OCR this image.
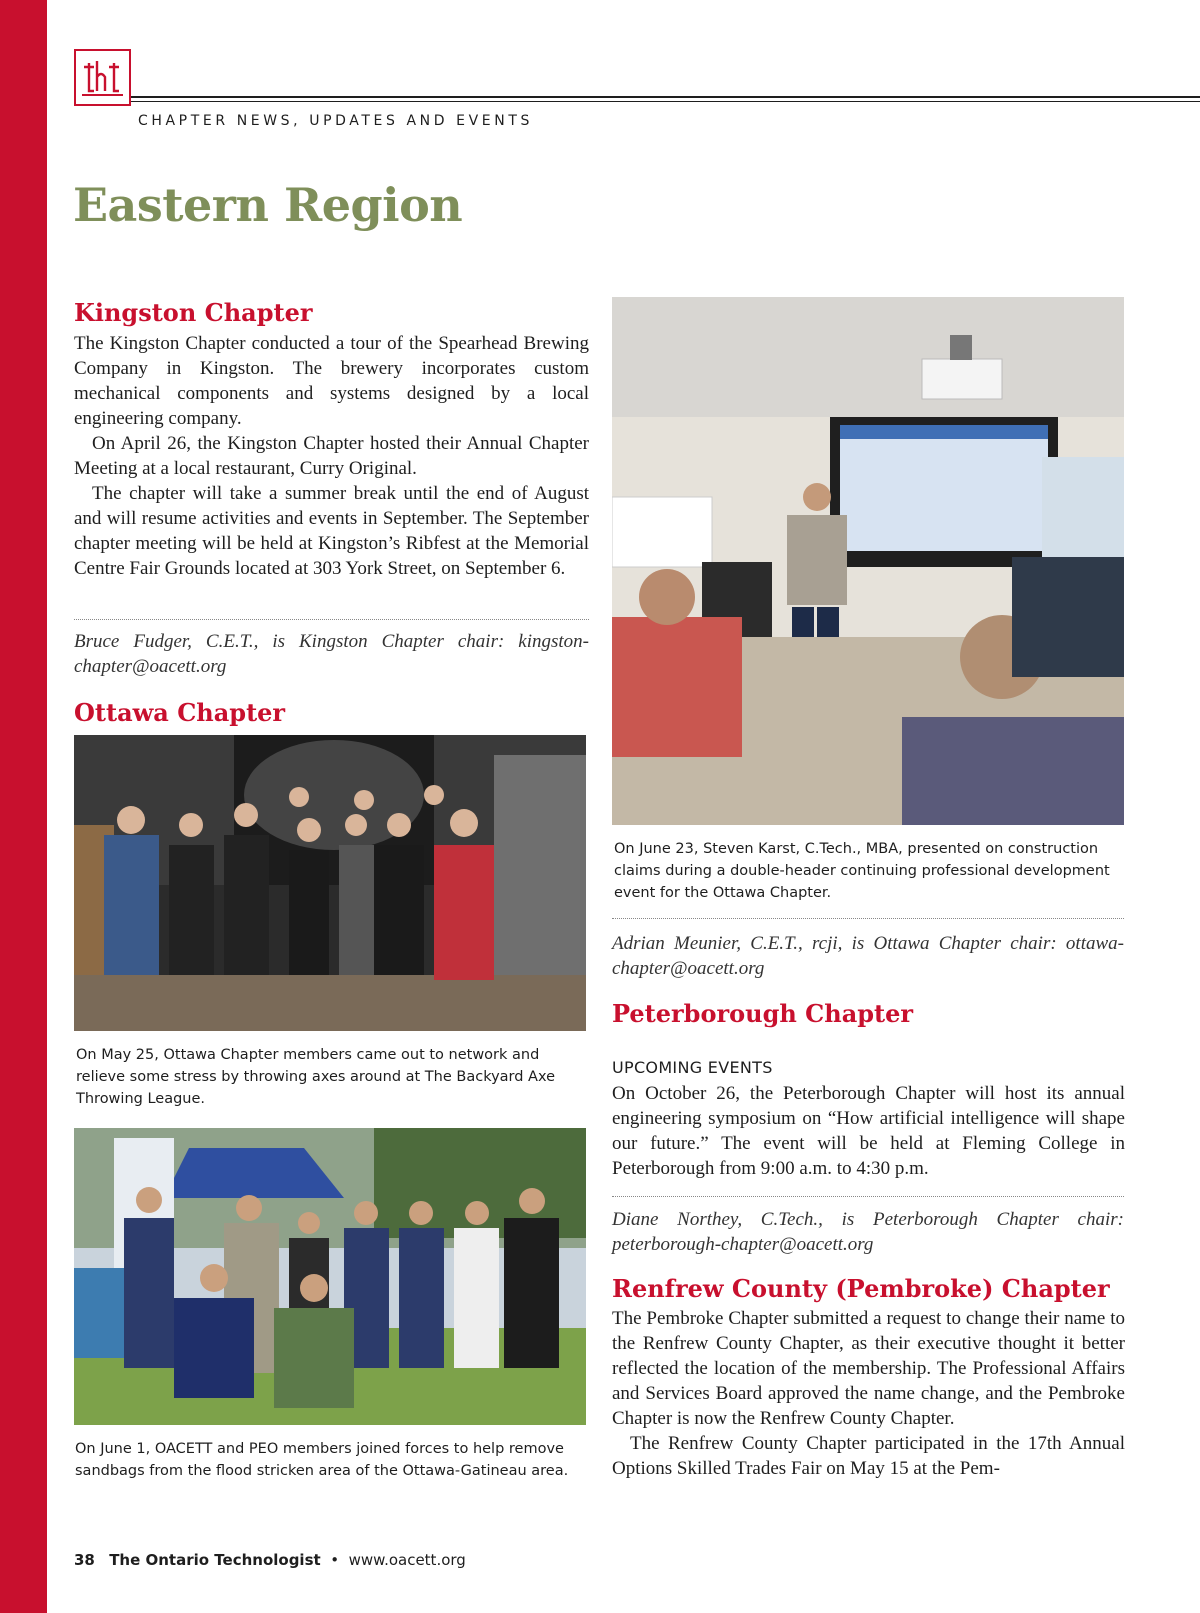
CHAPTER NEWS, UPDATES AND EVENTS
Eastern Region
Kingston Chapter

The Kingston Chapter conducted a tour of the Spearhead Brewing Company in Kingston. The brewery incorporates custom mechanical components and systems designed by a local engineering company.

On April 26, the Kingston Chapter hosted their Annual Chapter Meeting at a local restaurant, Curry Original.

The chapter will take a summer break until the end of August and will resume activities and events in September. The September chapter meeting will be held at Kingston’s Ribfest at the Memorial Centre Fair Grounds located at 303 York Street, on September 6.

Bruce Fudger, C.E.T., is Kingston Chapter chair: kingston-chapter@oacett.org
Ottawa Chapter
On May 25, Ottawa Chapter members came out to network and relieve some stress by throwing axes around at The Backyard Axe Throwing League.
On June 1, OACETT and PEO members joined forces to help remove sandbags from the flood stricken area of the Ottawa-Gatineau area.
On June 23, Steven Karst, C.Tech., MBA, presented on construction claims during a double-header continuing professional development event for the Ottawa Chapter.
Adrian Meunier, C.E.T., rcji, is Ottawa Chapter chair: ottawa-chapter@oacett.org
Peterborough Chapter
UPCOMING EVENTS

On October 26, the Peterborough Chapter will host its annual engineering symposium on “How artificial intelligence will shape our future.” The event will be held at Fleming College in Peterborough from 9:00 a.m. to 4:30 p.m.

Diane Northey, C.Tech., is Peterborough Chapter chair: peterborough-chapter@oacett.org
Renfrew County (Pembroke) Chapter

The Pembroke Chapter submitted a request to change their name to the Renfrew County Chapter, as their executive thought it better reflected the location of the membership. The Professional Affairs and Services Board approved the name change, and the Pembroke Chapter is now the Renfrew County Chapter.

The Renfrew County Chapter participated in the 17th Annual Options Skilled Trades Fair on May 15 at the Pem-

38 The Ontario Technologist • www.oacett.org
